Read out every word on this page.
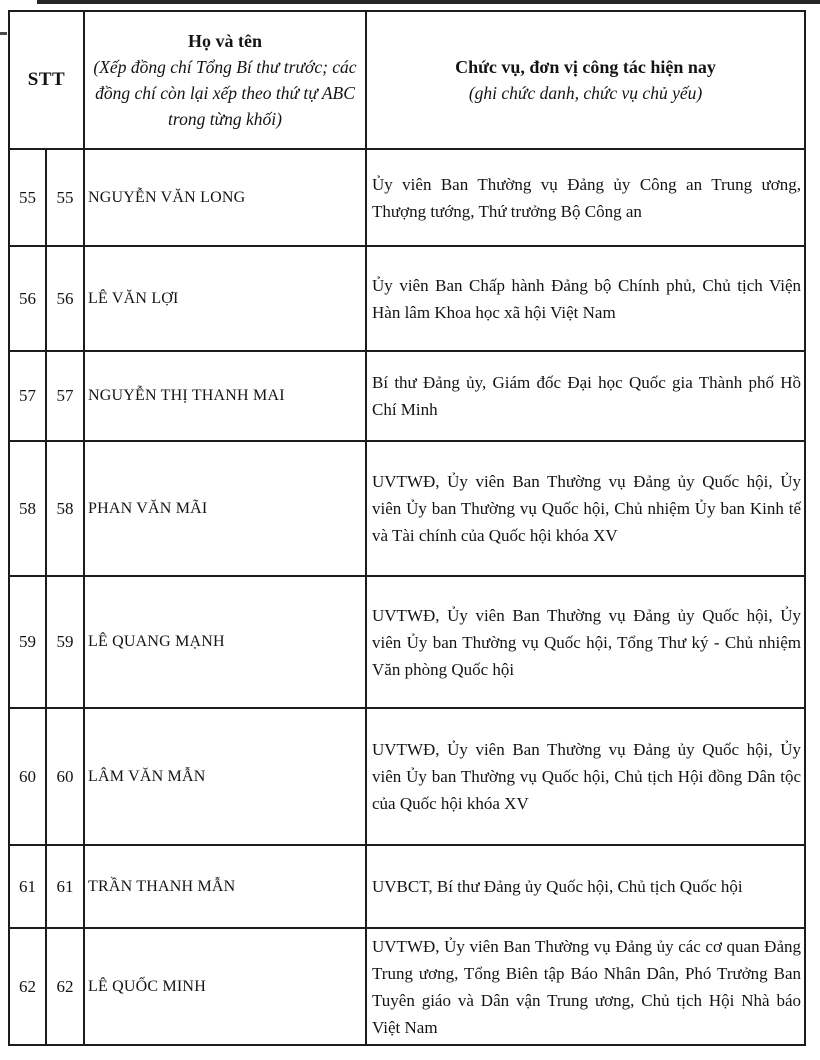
STT
Họ và tên
(Xếp đồng chí Tổng Bí thư trước; các đồng chí còn lại xếp theo thứ tự ABC trong từng khối)
Chức vụ, đơn vị công tác hiện nay
(ghi chức danh, chức vụ chủ yếu)
55 55 NGUYỄN VĂN LONG
Ủy viên Ban Thường vụ Đảng ủy Công an Trung ương, Thượng tướng, Thứ trưởng Bộ Công an
56 56 LÊ VĂN LỢI
Ủy viên Ban Chấp hành Đảng bộ Chính phủ, Chủ tịch Viện Hàn lâm Khoa học xã hội Việt Nam
57 57 NGUYỄN THỊ THANH MAI
Bí thư Đảng ủy, Giám đốc Đại học Quốc gia Thành phố Hồ Chí Minh
58 58 PHAN VĂN MÃI
UVTWĐ, Ủy viên Ban Thường vụ Đảng ủy Quốc hội, Ủy viên Ủy ban Thường vụ Quốc hội, Chủ nhiệm Ủy ban Kinh tế và Tài chính của Quốc hội khóa XV
59 59 LÊ QUANG MẠNH
UVTWĐ, Ủy viên Ban Thường vụ Đảng ủy Quốc hội, Ủy viên Ủy ban Thường vụ Quốc hội, Tổng Thư ký - Chủ nhiệm Văn phòng Quốc hội
60 60 LÂM VĂN MẪN
UVTWĐ, Ủy viên Ban Thường vụ Đảng ủy Quốc hội, Ủy viên Ủy ban Thường vụ Quốc hội, Chủ tịch Hội đồng Dân tộc của Quốc hội khóa XV
61 61 TRẦN THANH MẪN	UVBCT, Bí thư Đảng ủy Quốc hội, Chủ tịch Quốc hội
62 62 LÊ QUỐC MINH
UVTWĐ, Ủy viên Ban Thường vụ Đảng ủy các cơ quan Đảng Trung ương, Tổng Biên tập Báo Nhân Dân, Phó Trưởng Ban Tuyên giáo và Dân vận Trung ương, Chủ tịch Hội Nhà báo Việt Nam
